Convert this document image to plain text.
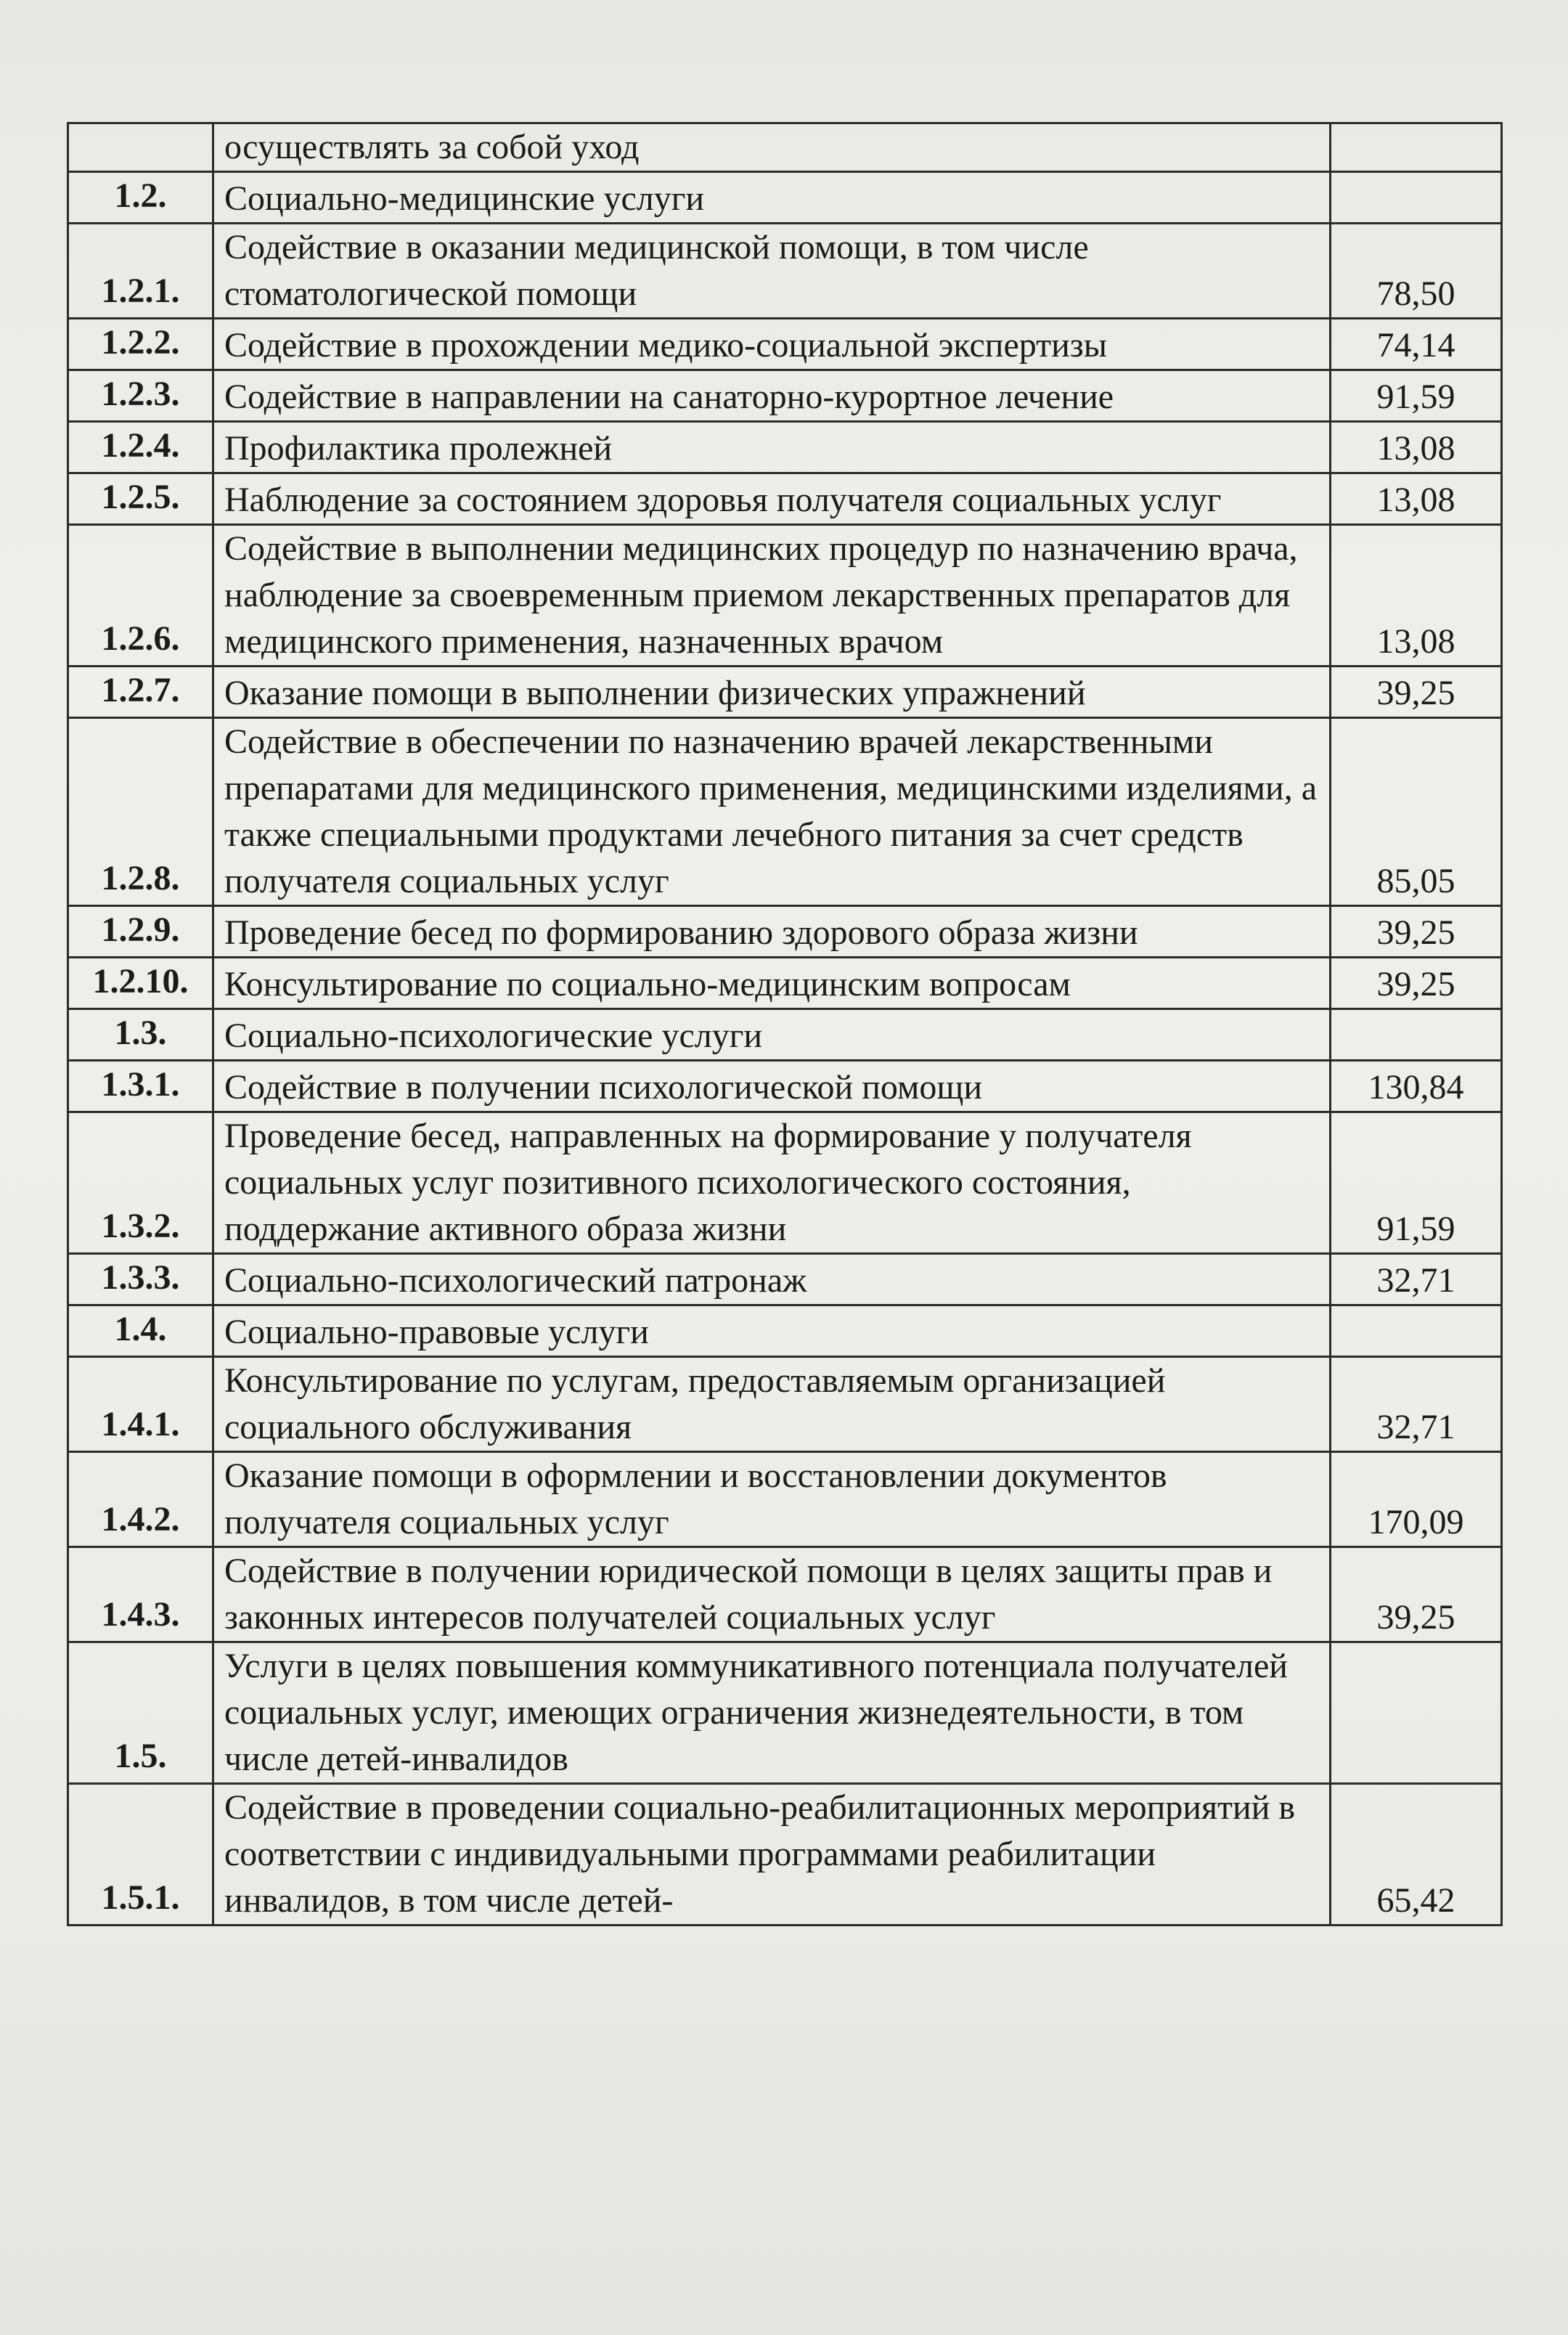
	осуществлять за собой уход	
1.2.	Социально-медицинские услуги	
1.2.1.	Содействие в оказании медицинской помощи, в том числе стоматологической помощи	78,50
1.2.2.	Содействие в прохождении медико-социальной экспертизы	74,14
1.2.3.	Содействие в направлении на санаторно-курортное лечение	91,59
1.2.4.	Профилактика пролежней	13,08
1.2.5.	Наблюдение за состоянием здоровья получателя социальных услуг	13,08
1.2.6.	Содействие в выполнении медицинских процедур по назначению врача, наблюдение за своевременным приемом лекарственных препаратов для медицинского применения, назначенных врачом	13,08
1.2.7.	Оказание помощи в выполнении физических упражнений	39,25
1.2.8.	Содействие в обеспечении по назначению врачей лекарственными препаратами для медицинского применения, медицинскими изделиями, а также специальными продуктами лечебного питания за счет средств получателя социальных услуг	85,05
1.2.9.	Проведение бесед по формированию здорового образа жизни	39,25
1.2.10.	Консультирование по социально-медицинским вопросам	39,25
1.3.	Социально-психологические услуги	
1.3.1.	Содействие в получении психологической помощи	130,84
1.3.2.	Проведение бесед, направленных на формирование у получателя социальных услуг позитивного психологического состояния, поддержание активного образа жизни	91,59
1.3.3.	Социально-психологический патронаж	32,71
1.4.	Социально-правовые услуги	
1.4.1.	Консультирование по услугам, предоставляемым организацией социального обслуживания	32,71
1.4.2.	Оказание помощи в оформлении и восстановлении документов получателя социальных услуг	170,09
1.4.3.	Содействие в получении юридической помощи в целях защиты прав и законных интересов получателей социальных услуг	39,25
1.5.	Услуги в целях повышения коммуникативного потенциала получателей социальных услуг, имеющих ограничения жизнедеятельности, в том числе детей-инвалидов	
1.5.1.	Содействие в проведении социально-реабилитационных мероприятий в соответствии с индивидуальными программами реабилитации инвалидов, в том числе детей-	65,42
